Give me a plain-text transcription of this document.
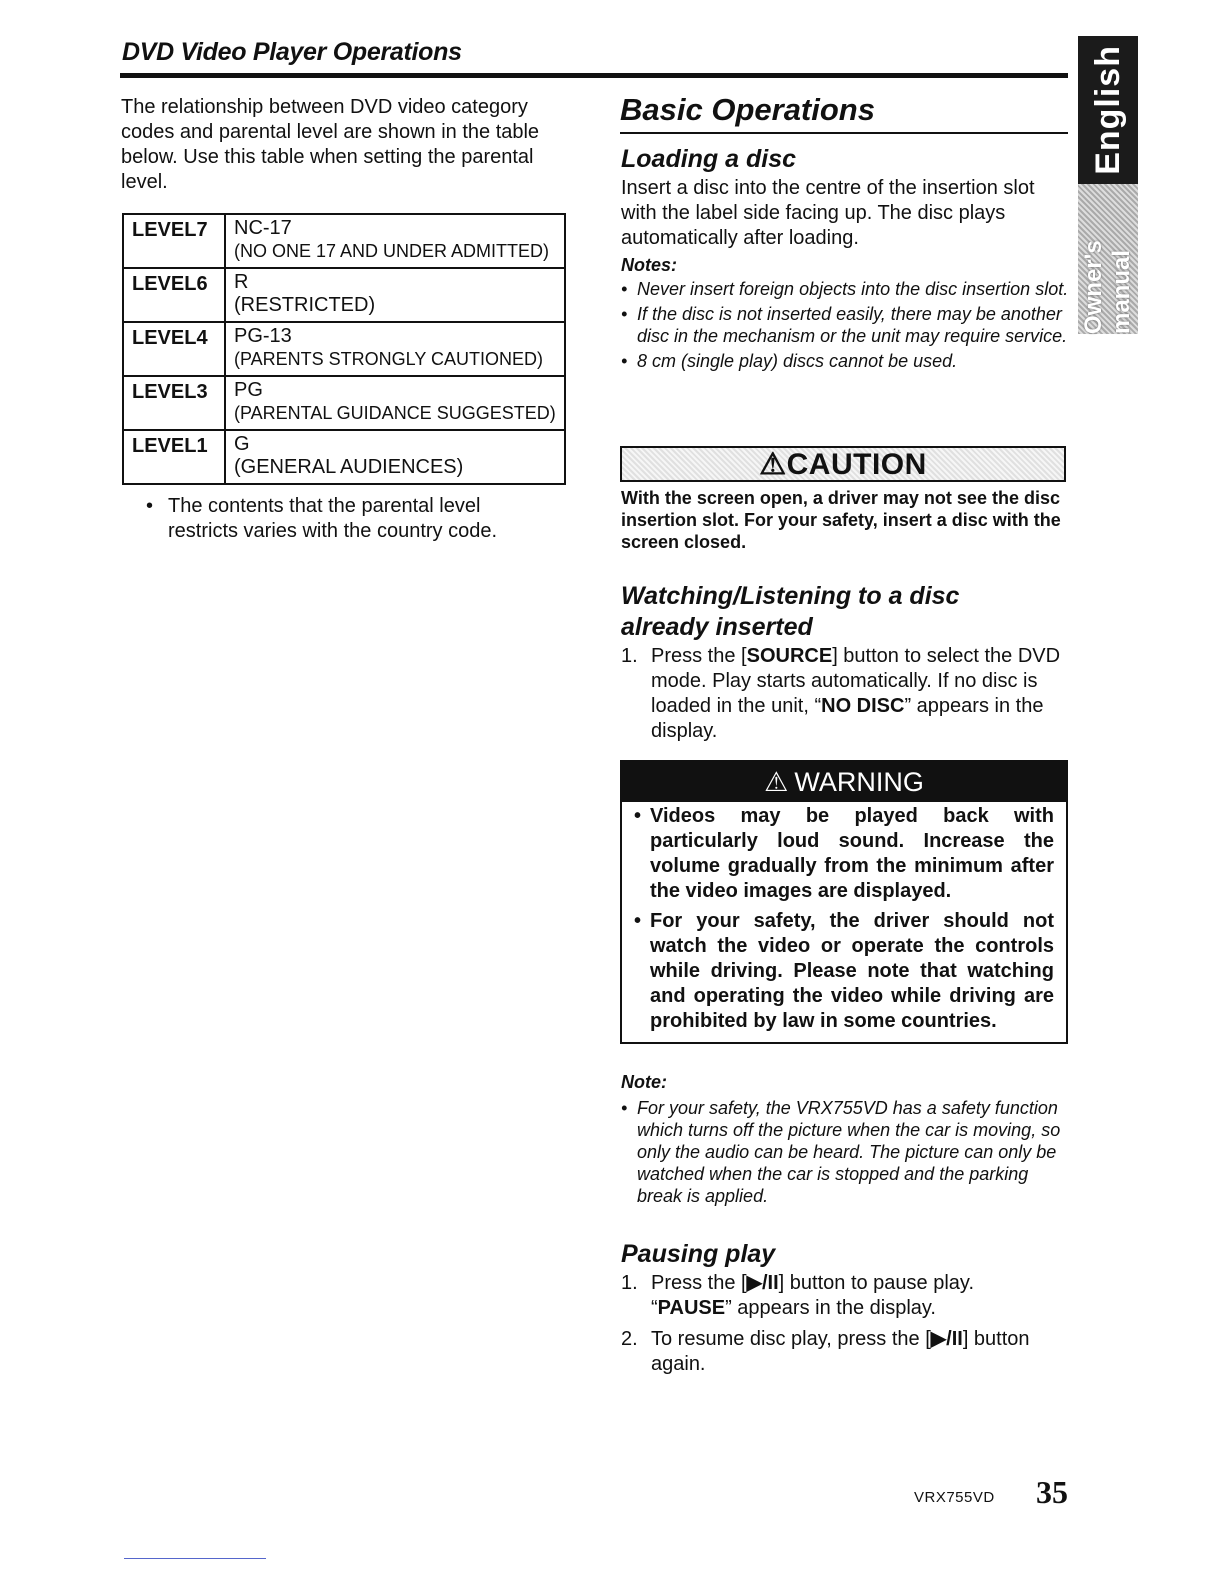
DVD Video Player Operations	English
Owner's manual
The relationship between DVD video category codes and parental level are shown in the table below. Use this table when setting the parental level.
LEVEL7	NC-17
(NO ONE 17 AND UNDER ADMITTED)

LEVEL6	R
(RESTRICTED)

LEVEL4	PG-13
(PARENTS STRONGLY CAUTIONED)

LEVEL3	PG
(PARENTAL GUIDANCE SUGGESTED)

LEVEL1	G
(GENERAL AUDIENCES)
• The contents that the parental level restricts varies with the country code.
Basic Operations
Loading a disc
Insert a disc into the centre of the insertion slot with the label side facing up. The disc plays automatically after loading.
Notes:
• Never insert foreign objects into the disc insertion slot.
• If the disc is not inserted easily, there may be another disc in the mechanism or the unit may require service.
• 8 cm (single play) discs cannot be used.
⚠CAUTION
With the screen open, a driver may not see the disc insertion slot. For your safety, insert a disc with the screen closed.
Watching/Listening to a disc
already inserted
1. Press the [SOURCE] button to select the DVD mode. Play starts automatically. If no disc is loaded in the unit, “NO DISC” appears in the display.
⚠ WARNING
• Videos may be played back with particularly loud sound. Increase the volume gradually from the minimum after the video images are displayed.
• For your safety, the driver should not watch the video or operate the controls while driving. Please note that watching and operating the video while driving are prohibited by law in some countries.
Note:
• For your safety, the VRX755VD has a safety function which turns off the picture when the car is moving, so only the audio can be heard. The picture can only be watched when the car is stopped and the parking break is applied.
Pausing play
1. Press the [▶/II] button to pause play.
“PAUSE” appears in the display.
2. To resume disc play, press the [▶/II] button again.
VRX755VD 35
